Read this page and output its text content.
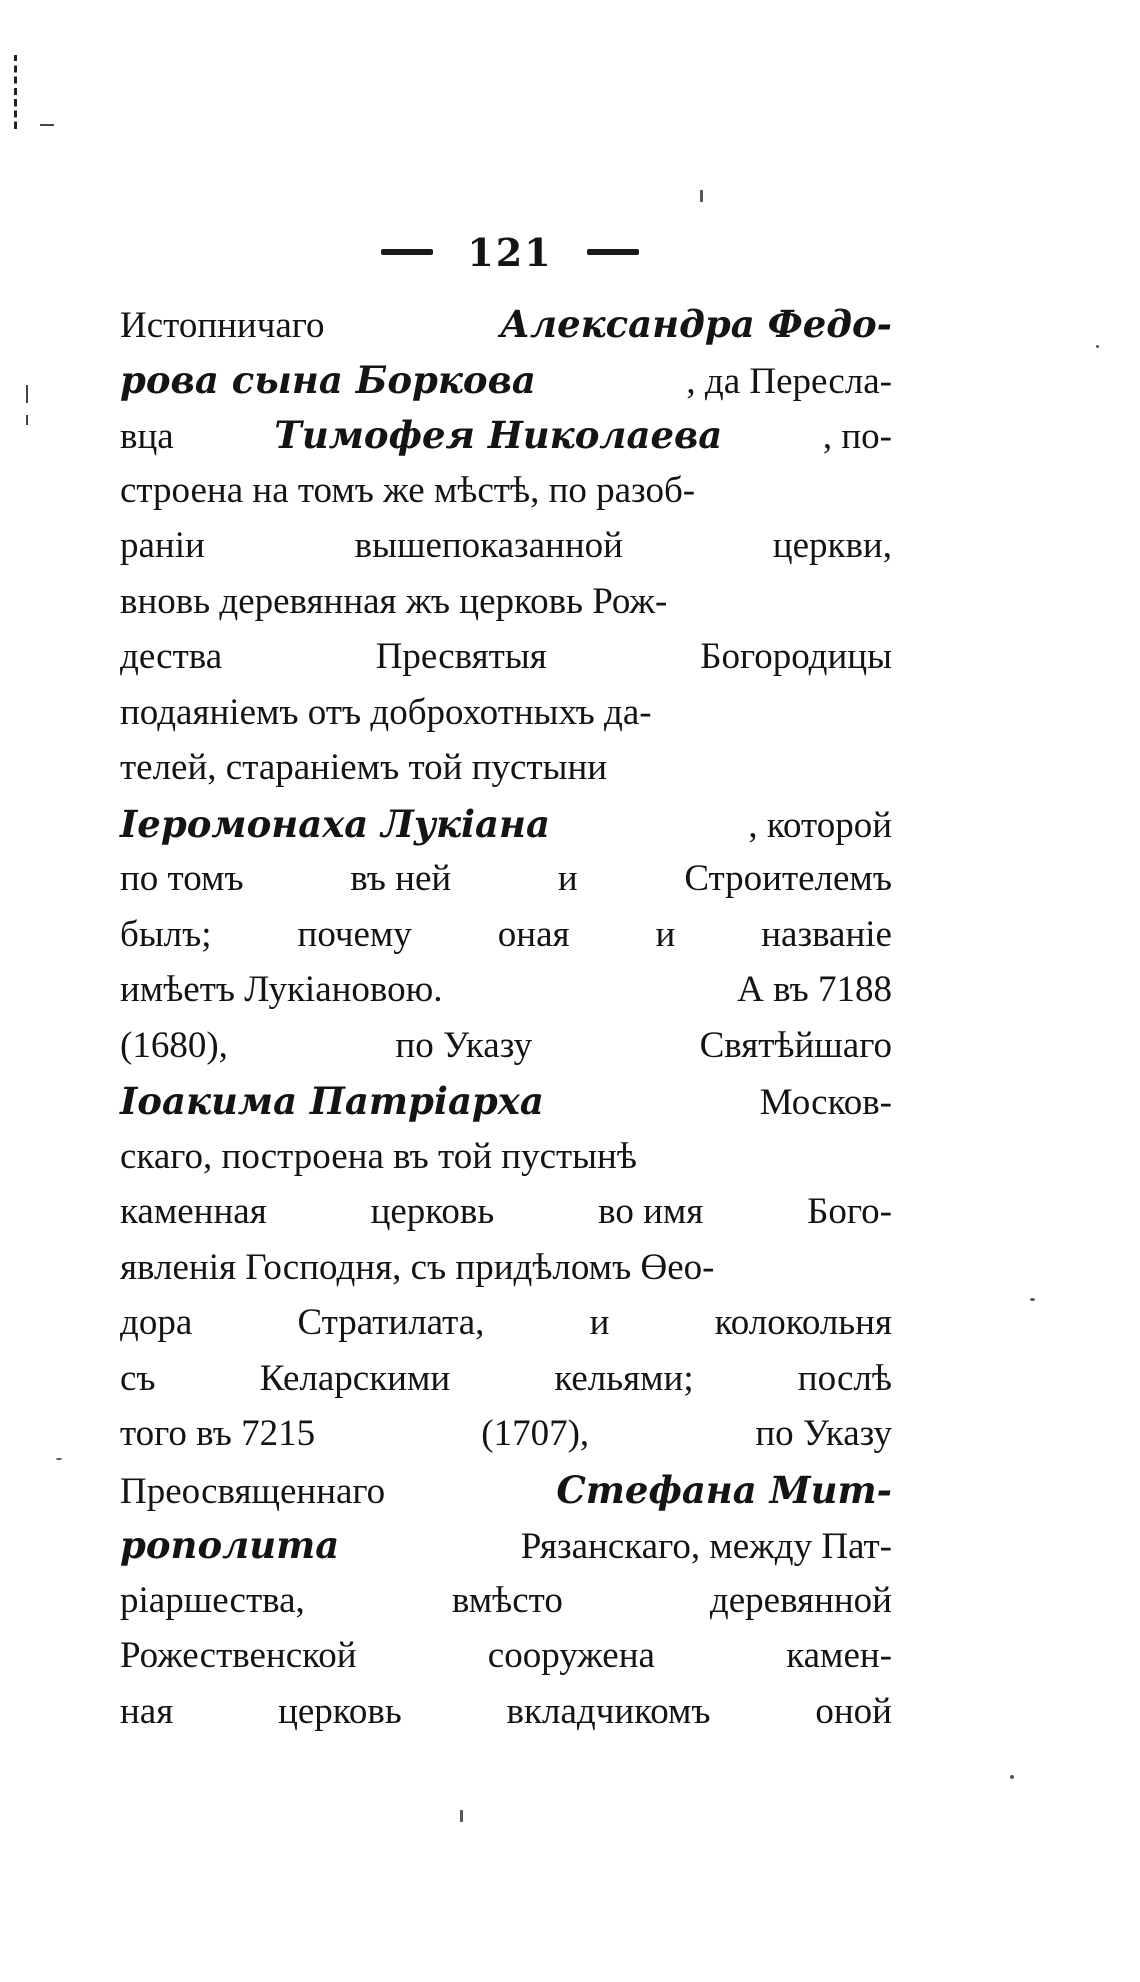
121
Истопничаго	Александра Федо-
рова сына Боркова	, да Пересла-
вца	Тимофея Николаева	, по-
строена на томъ же мѣстѣ, по разоб-
раніи	вышепоказанной	церкви,
вновь деревянная жъ церковь Рож-
дества	Пресвятыя	Богородицы
подаяніемъ отъ доброхотныхъ да-
телей, стараніемъ той пустыни
Іеромонаха Лукіана	, которой
по томъ	въ ней	и	Строителемъ
былъ; почему оная и названіе
имѣетъ Лукіановою.	А въ 7188
(1680),	по Указу	Святѣйшаго
Іоакима Патріарха	Москов-
скаго, построена въ той пустынѣ
каменная	церковь	во имя	Бого-
явленія Господня, съ придѣломъ Өео-
дора	Стратилата,	и	колокольня
съ	Келарскими	кельями;	послѣ
того въ 7215	(1707),	по Указу
Преосвященнаго	Стефана Мит-
рополита	Рязанскаго, между Пат-
ріаршества,	вмѣсто	деревянной
Рожественской	сооружена	камен-
ная	церковь	вкладчикомъ	оной
